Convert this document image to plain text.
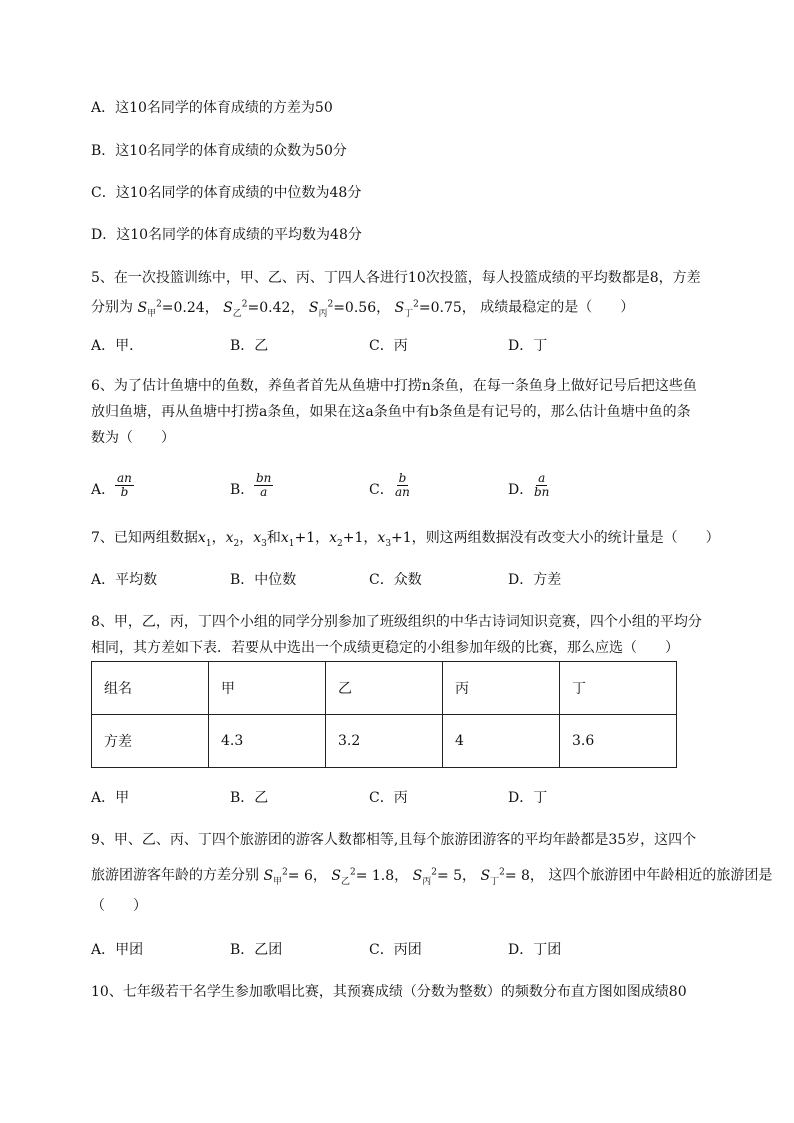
A．这10名同学的体育成绩的方差为50
B．这10名同学的体育成绩的众数为50分
C．这10名同学的体育成绩的中位数为48分
D．这10名同学的体育成绩的平均数为48分
5、在一次投篮训练中，甲、乙、丙、丁四人各进行10次投篮，每人投篮成绩的平均数都是8，方差
分别为 $S_甲^2=0.24$， $S_乙^2=0.42$， $S_丙^2=0.56$， $S_丁^2=0.75$， 成绩最稳定的是（　　）
A．甲．	B．乙	C．丙	D．丁
6、为了估计鱼塘中的鱼数，养鱼者首先从鱼塘中打捞n条鱼，在每一条鱼身上做好记号后把这些鱼
放归鱼塘，再从鱼塘中打捞a条鱼，如果在这a条鱼中有b条鱼是有记号的，那么估计鱼塘中鱼的条
数为（　　）
A． $\frac{an}{b}$	B． $\frac{bn}{a}$	C． $\frac{b}{an}$	D．
$\frac{a}{bn}$
7、已知两组数据$x_1$，$x_2$，$x_3$和$x_1+1$，$x_2+1$，$x_3+1$，则这两组数据没有改变大小的统计量是（　　）
A．平均数	B．中位数	C．众数	D．方差
8、甲，乙，丙，丁四个小组的同学分别参加了班级组织的中华古诗词知识竞赛，四个小组的平均分
相同，其方差如下表．若要从中选出一个成绩更稳定的小组参加年级的比赛，那么应选（　　）
组名	甲	乙	丙	丁
方差	4.3	3.2	4	3.6
A．甲	B．乙	C．丙	D．丁
9、甲、乙、丙、丁四个旅游团的游客人数都相等,且每个旅游团游客的平均年龄都是35岁，这四个
旅游团游客年龄的方差分别 $S_甲^2= 6$， $S_乙^2= 1.8$， $S_丙^2= 5$， $S_丁^2= 8$， 这四个旅游团中年龄相近的旅游团是
（　　）
A．甲团	B．乙团	C．丙团	D．丁团
10、七年级若干名学生参加歌唱比赛，其预赛成绩（分数为整数）的频数分布直方图如图成绩80
